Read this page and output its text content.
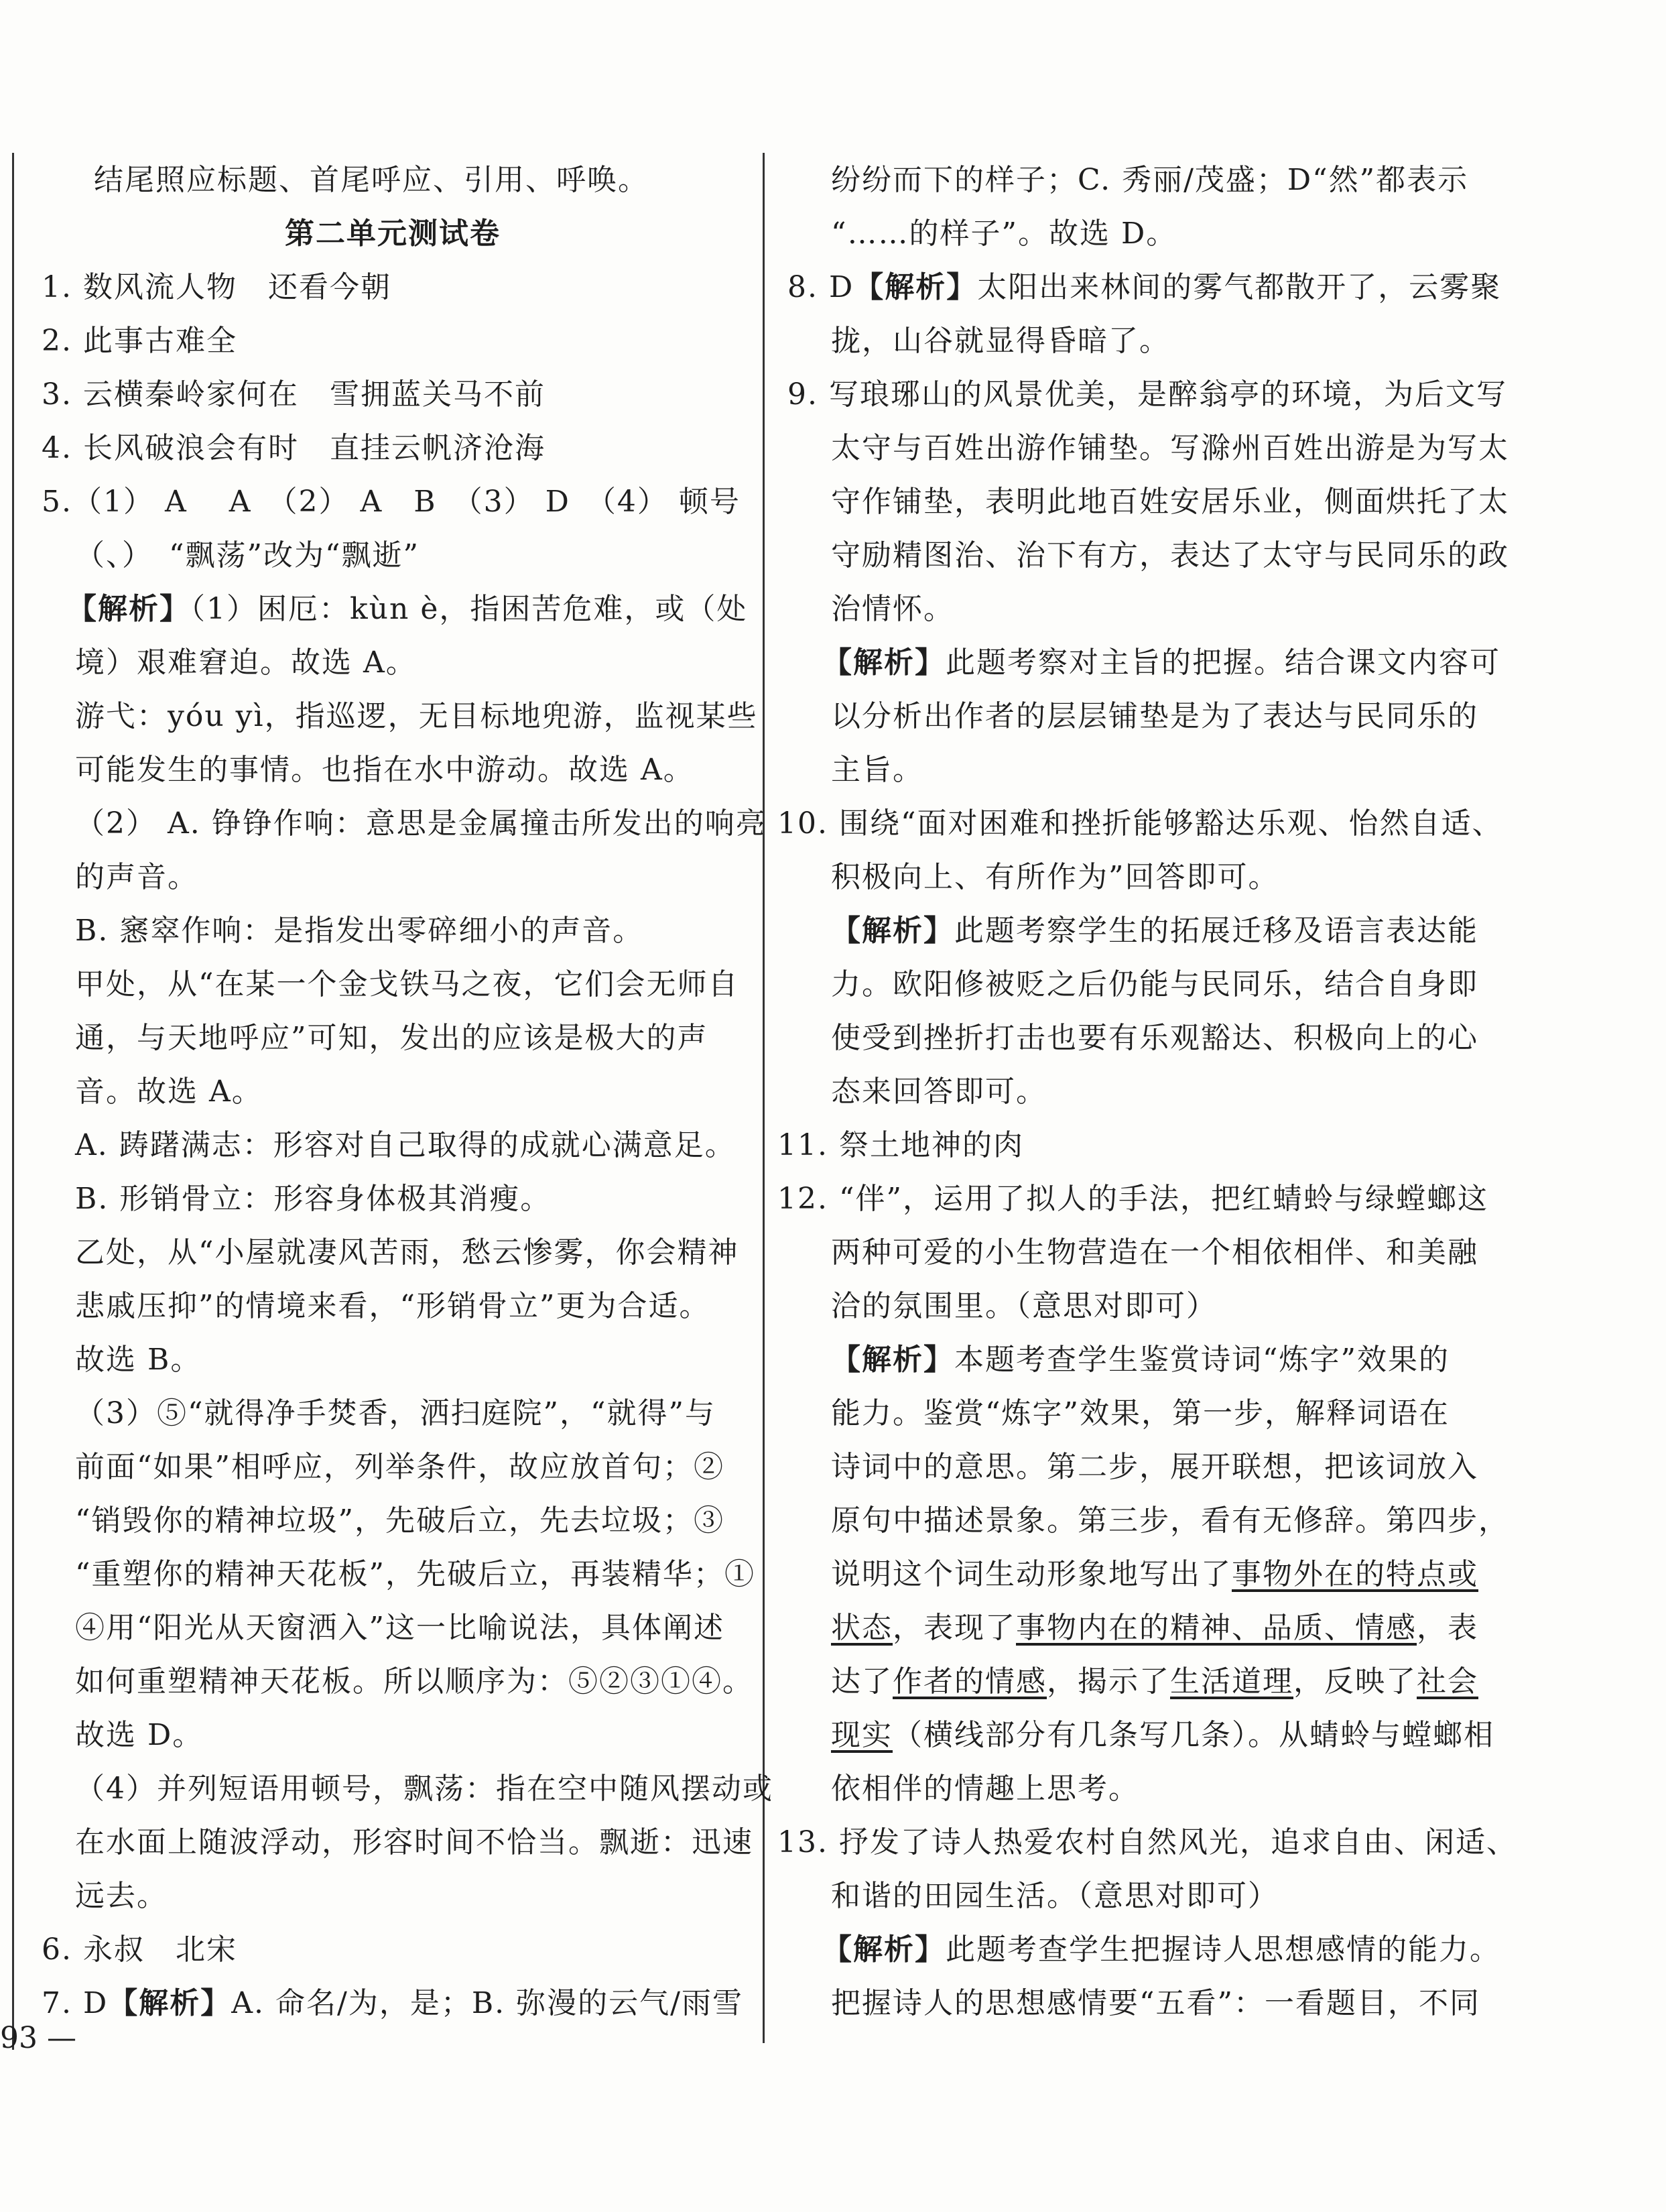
结尾照应标题、首尾呼应、引用、呼唤。
第二单元测试卷
1. 数风流人物　还看今朝
2. 此事古难全
3. 云横秦岭家何在　雪拥蓝关马不前
4. 长风破浪会有时　直挂云帆济沧海
5.（1） A　 A　（2） A　B　（3） D　（4） 顿号
（、）　“飘荡”改为“飘逝”
【解析】（1）困厄：kùn è，指困苦危难，或（处
境）艰难窘迫。故选 A。
游弋：yóu yì，指巡逻，无目标地兜游，监视某些
可能发生的事情。也指在水中游动。故选 A。
（2） A. 铮铮作响：意思是金属撞击所发出的响亮
的声音。
B. 窸窣作响：是指发出零碎细小的声音。
甲处，从“在某一个金戈铁马之夜，它们会无师自
通，与天地呼应”可知，发出的应该是极大的声
音。故选 A。
A. 踌躇满志：形容对自己取得的成就心满意足。
B. 形销骨立：形容身体极其消瘦。
乙处，从“小屋就凄风苦雨，愁云惨雾，你会精神
悲戚压抑”的情境来看，“形销骨立”更为合适。
故选 B。
（3）⑤“就得净手焚香，洒扫庭院”，“就得”与
前面“如果”相呼应，列举条件，故应放首句；②
“销毁你的精神垃圾”，先破后立，先去垃圾；③
“重塑你的精神天花板”，先破后立，再装精华；①
④用“阳光从天窗洒入”这一比喻说法，具体阐述
如何重塑精神天花板。所以顺序为：⑤②③①④。
故选 D。
（4）并列短语用顿号，飘荡：指在空中随风摆动或
在水面上随波浮动，形容时间不恰当。飘逝：迅速
远去。
6. 永叔　北宋
7. D【解析】A. 命名/为，是；B. 弥漫的云气/雨雪
纷纷而下的样子；C. 秀丽/茂盛；D“然”都表示
“……的样子”。故选 D。
8. D【解析】太阳出来林间的雾气都散开了，云雾聚
拢，山谷就显得昏暗了。
9. 写琅琊山的风景优美，是醉翁亭的环境，为后文写
太守与百姓出游作铺垫。写滁州百姓出游是为写太
守作铺垫，表明此地百姓安居乐业，侧面烘托了太
守励精图治、治下有方，表达了太守与民同乐的政
治情怀。
【解析】此题考察对主旨的把握。结合课文内容可
以分析出作者的层层铺垫是为了表达与民同乐的
主旨。
10. 围绕“面对困难和挫折能够豁达乐观、怡然自适、
积极向上、有所作为”回答即可。
【解析】此题考察学生的拓展迁移及语言表达能
力。欧阳修被贬之后仍能与民同乐，结合自身即
使受到挫折打击也要有乐观豁达、积极向上的心
态来回答即可。
11. 祭土地神的肉
12. “伴”，运用了拟人的手法，把红蜻蛉与绿螳螂这
两种可爱的小生物营造在一个相依相伴、和美融
洽的氛围里。（意思对即可）
【解析】本题考查学生鉴赏诗词“炼字”效果的
能力。鉴赏“炼字”效果，第一步，解释词语在
诗词中的意思。第二步，展开联想，把该词放入
原句中描述景象。第三步，看有无修辞。第四步，
说明这个词生动形象地写出了事物外在的特点或
状态，表现了事物内在的精神、品质、情感，表
达了作者的情感，揭示了生活道理，反映了社会
现实（横线部分有几条写几条）。从蜻蛉与螳螂相
依相伴的情趣上思考。
13. 抒发了诗人热爱农村自然风光，追求自由、闲适、
和谐的田园生活。（意思对即可）
【解析】此题考查学生把握诗人思想感情的能力。
把握诗人的思想感情要“五看”：一看题目，不同
93 —
